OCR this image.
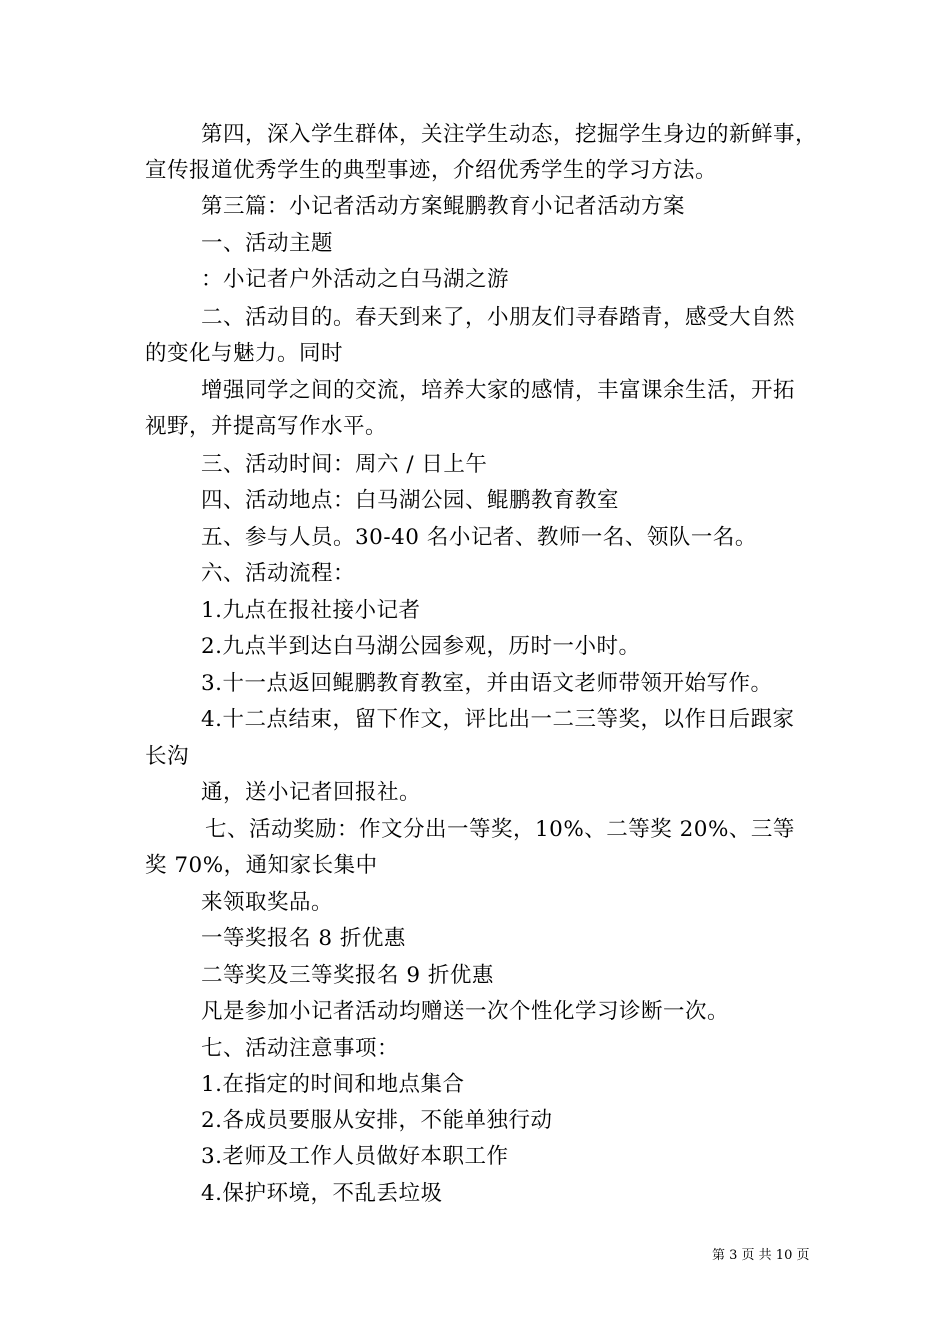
第四，深入学生群体，关注学生动态，挖掘学生身边的新鲜事，
宣传报道优秀学生的典型事迹，介绍优秀学生的学习方法。
第三篇：小记者活动方案鲲鹏教育小记者活动方案
一、活动主题
：小记者户外活动之白马湖之游
二、活动目的。春天到来了，小朋友们寻春踏青，感受大自然
的变化与魅力。同时
增强同学之间的交流，培养大家的感情，丰富课余生活，开拓
视野，并提高写作水平。
三、活动时间：周六 / 日上午
四、活动地点：白马湖公园、鲲鹏教育教室
五、参与人员。30-40 名小记者、教师一名、领队一名。
六、活动流程：
1.九点在报社接小记者
2.九点半到达白马湖公园参观，历时一小时。
3.十一点返回鲲鹏教育教室，并由语文老师带领开始写作。
4.十二点结束，留下作文，评比出一二三等奖，以作日后跟家
长沟
通，送小记者回报社。
七、活动奖励：作文分出一等奖，10%、二等奖 20%、三等
奖 70%，通知家长集中
来领取奖品。
一等奖报名 8 折优惠
二等奖及三等奖报名 9 折优惠
凡是参加小记者活动均赠送一次个性化学习诊断一次。
七、活动注意事项：
1.在指定的时间和地点集合
2.各成员要服从安排，不能单独行动
3.老师及工作人员做好本职工作
4.保护环境，不乱丢垃圾
第 3 页 共 10 页
